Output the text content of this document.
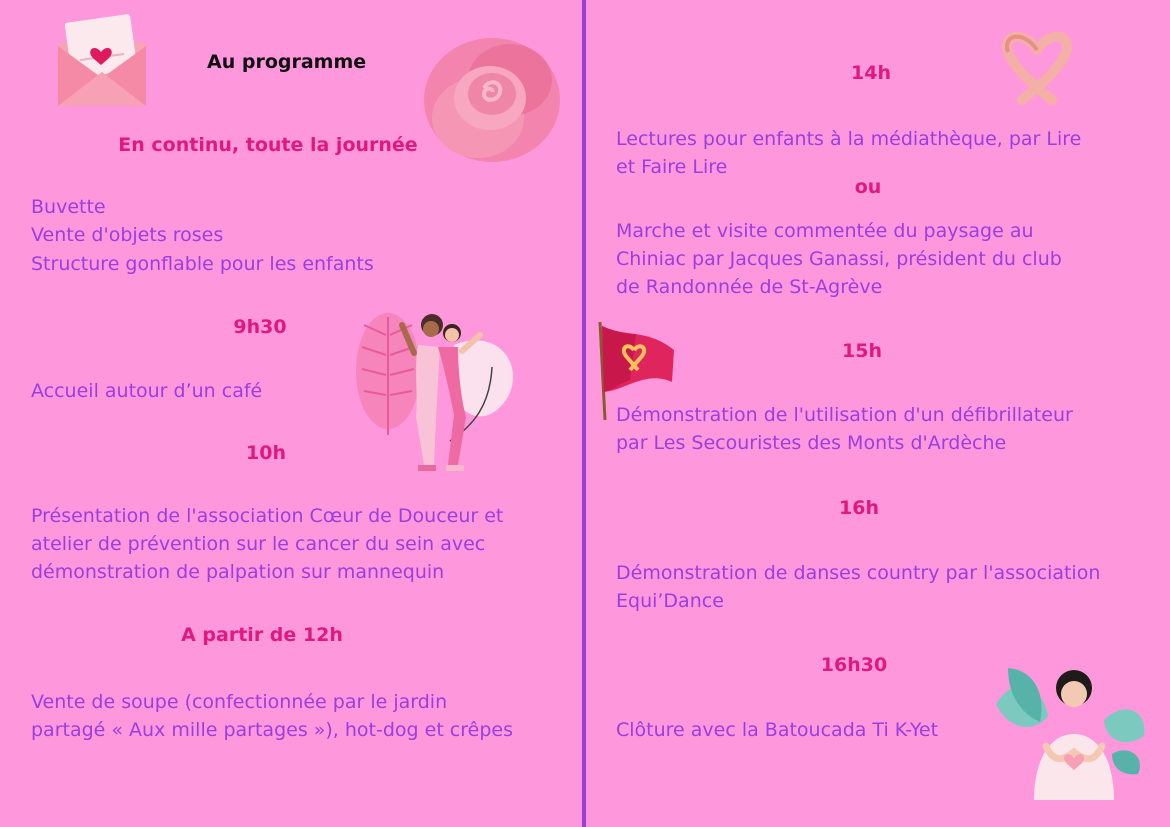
Au programme
En continu, toute la journée
Buvette
Vente d'objets roses
Structure gonflable pour les enfants
9h30
Accueil autour d’un café
10h
Présentation de l'association Cœur de Douceur et
atelier de prévention sur le cancer du sein avec
démonstration de palpation sur mannequin
A partir de 12h
Vente de soupe (confectionnée par le jardin
partagé « Aux mille partages »), hot-dog et crêpes
14h
Lectures pour enfants à la médiathèque, par Lire
et Faire Lire
ou
Marche et visite commentée du paysage au
Chiniac par Jacques Ganassi, président du club
de Randonnée de St-Agrève
15h
Démonstration de l'utilisation d'un défibrillateur
par Les Secouristes des Monts d'Ardèche
16h
Démonstration de danses country par l'association
Equi’Dance
16h30
Clôture avec la Batoucada Ti K-Yet
